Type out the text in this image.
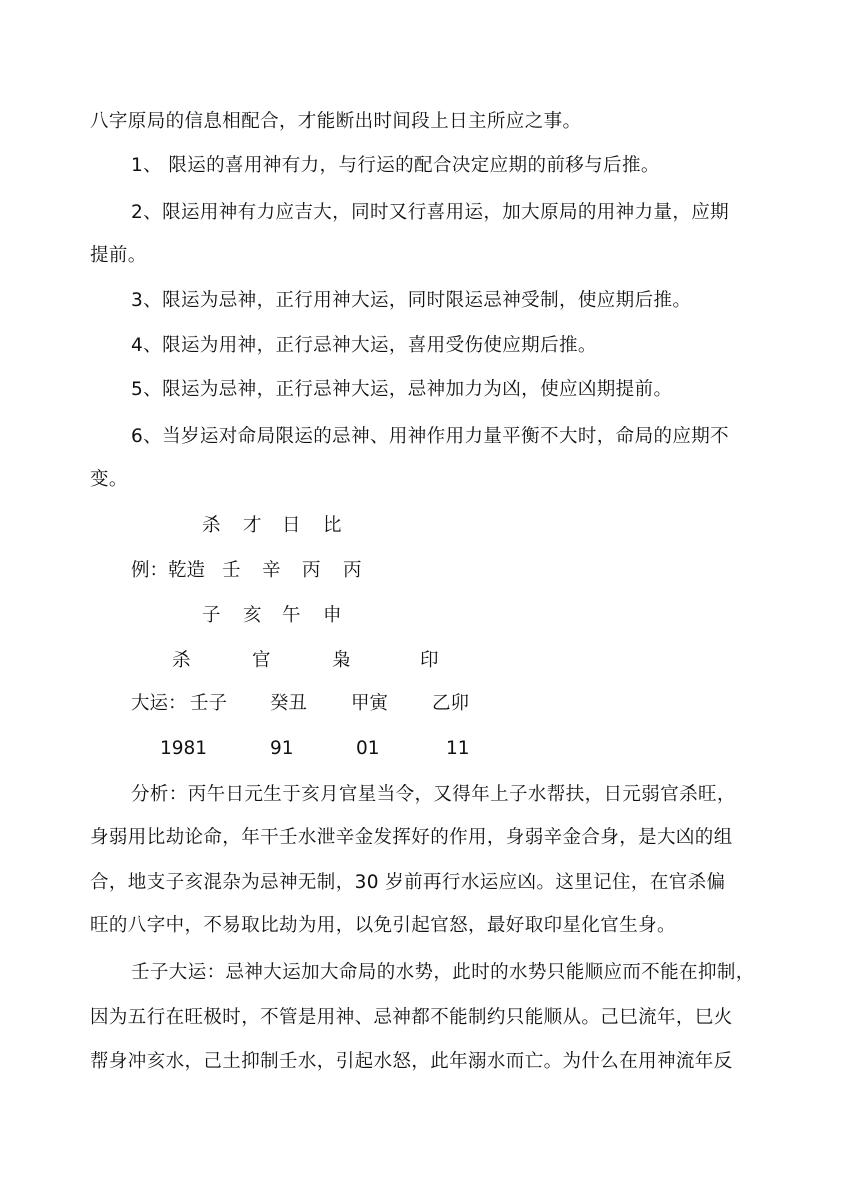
八字原局的信息相配合，才能断出时间段上日主所应之事。
1、 限运的喜用神有力，与行运的配合决定应期的前移与后推。
2、限运用神有力应吉大，同时又行喜用运，加大原局的用神力量，应期
提前。
3、限运为忌神，正行用神大运，同时限运忌神受制，使应期后推。
4、限运为用神，正行忌神大运，喜用受伤使应期后推。
5、限运为忌神，正行忌神大运，忌神加力为凶，使应凶期提前。
6、当岁运对命局限运的忌神、用神作用力量平衡不大时，命局的应期不
变。
杀 才 日 比
例：乾造 壬 辛 丙 丙
子 亥 午 申
杀	官	枭	印
大运： 壬子 癸丑 甲寅 乙卯
1981	91	01	11
分析：丙午日元生于亥月官星当令，又得年上子水帮扶，日元弱官杀旺，
身弱用比劫论命，年干壬水泄辛金发挥好的作用，身弱辛金合身，是大凶的组
合，地支子亥混杂为忌神无制，30 岁前再行水运应凶。这里记住，在官杀偏
旺的八字中，不易取比劫为用，以免引起官怒，最好取印星化官生身。
壬子大运：忌神大运加大命局的水势，此时的水势只能顺应而不能在抑制，
因为五行在旺极时，不管是用神、忌神都不能制约只能顺从。己巳流年，巳火
帮身冲亥水，己土抑制壬水，引起水怒，此年溺水而亡。为什么在用神流年反
